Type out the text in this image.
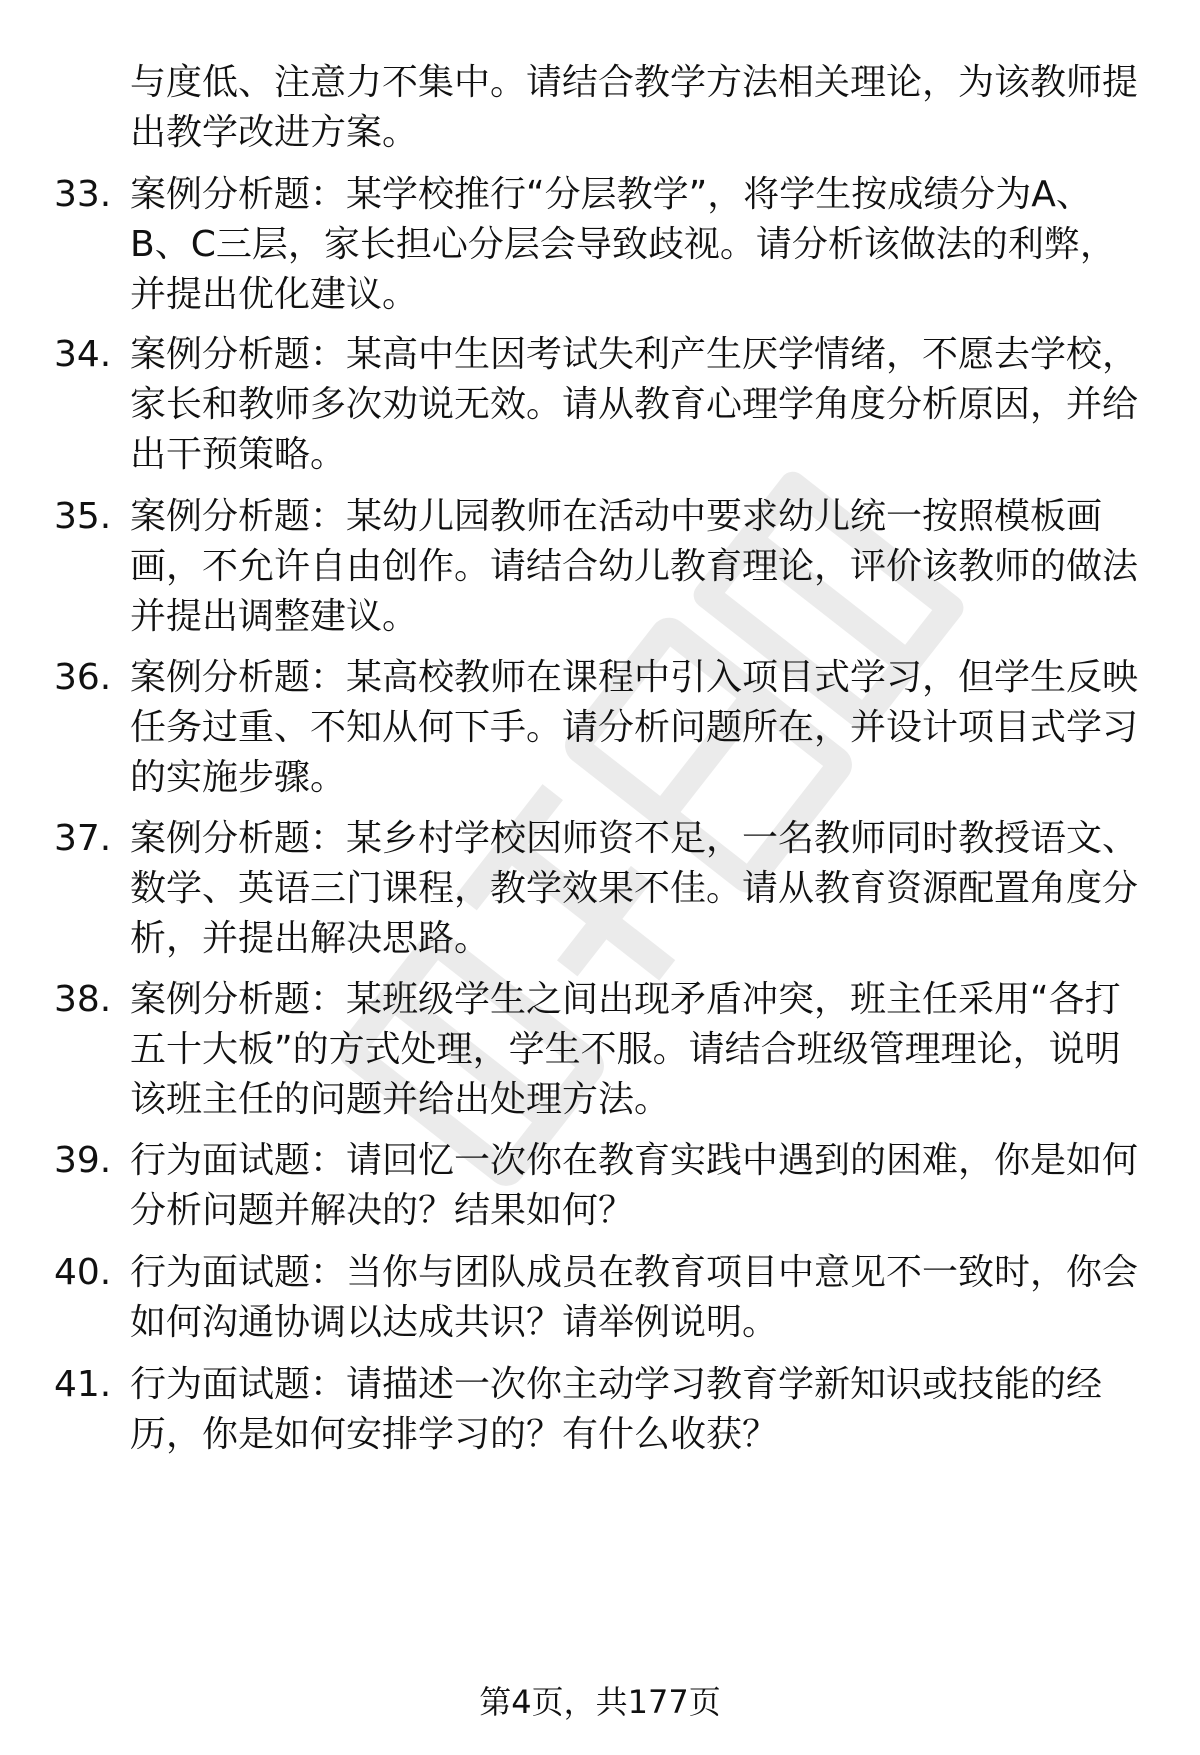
与度低、注意力不集中。请结合教学方法相关理论，为该教师提出教学改进方案。

33. 案例分析题：某学校推行“分层教学”，将学生按成绩分为A、B、C三层，家长担心分层会导致歧视。请分析该做法的利弊，并提出优化建议。

34. 案例分析题：某高中生因考试失利产生厌学情绪，不愿去学校，家长和教师多次劝说无效。请从教育心理学角度分析原因，并给出干预策略。

35. 案例分析题：某幼儿园教师在活动中要求幼儿统一按照模板画画，不允许自由创作。请结合幼儿教育理论，评价该教师的做法并提出调整建议。

36. 案例分析题：某高校教师在课程中引入项目式学习，但学生反映任务过重、不知从何下手。请分析问题所在，并设计项目式学习的实施步骤。

37. 案例分析题：某乡村学校因师资不足，一名教师同时教授语文、数学、英语三门课程，教学效果不佳。请从教育资源配置角度分析，并提出解决思路。

38. 案例分析题：某班级学生之间出现矛盾冲突，班主任采用“各打五十大板”的方式处理，学生不服。请结合班级管理理论，说明该班主任的问题并给出处理方法。

39. 行为面试题：请回忆一次你在教育实践中遇到的困难，你是如何分析问题并解决的？结果如何？

40. 行为面试题：当你与团队成员在教育项目中意见不一致时，你会如何沟通协调以达成共识？请举例说明。

41. 行为面试题：请描述一次你主动学习教育学新知识或技能的经历，你是如何安排学习的？有什么收获？

第4页，共177页
